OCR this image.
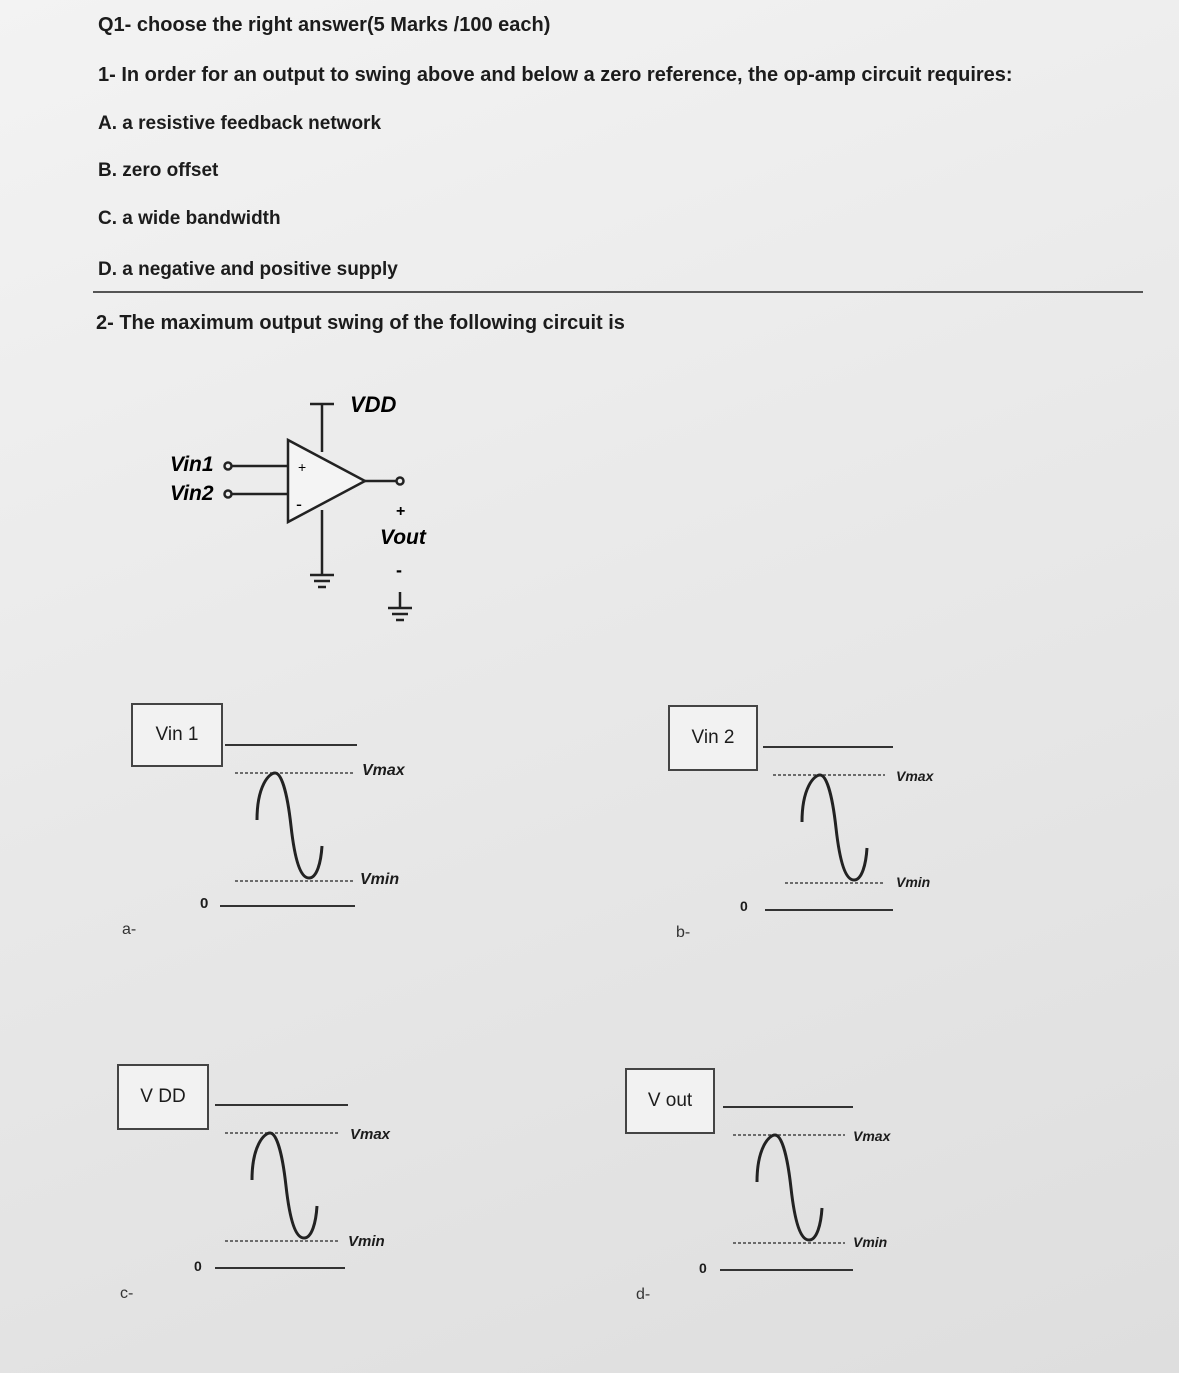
Q1- choose the right answer(5 Marks /100 each)
1- In order for an output to swing above and below a zero reference, the op-amp circuit requires:
A. a resistive feedback network
B. zero offset
C. a wide bandwidth
D. a negative and positive supply
2- The maximum output swing of the following circuit is
+
-
VDD
Vin1
Vin2
+
Vout
-
Vin 1
Vmax
Vmin
0
a-
Vin 2
Vmax
Vmin
0
b-
V DD
Vmax
Vmin
0
c-
V out
Vmax
Vmin
0
d-
